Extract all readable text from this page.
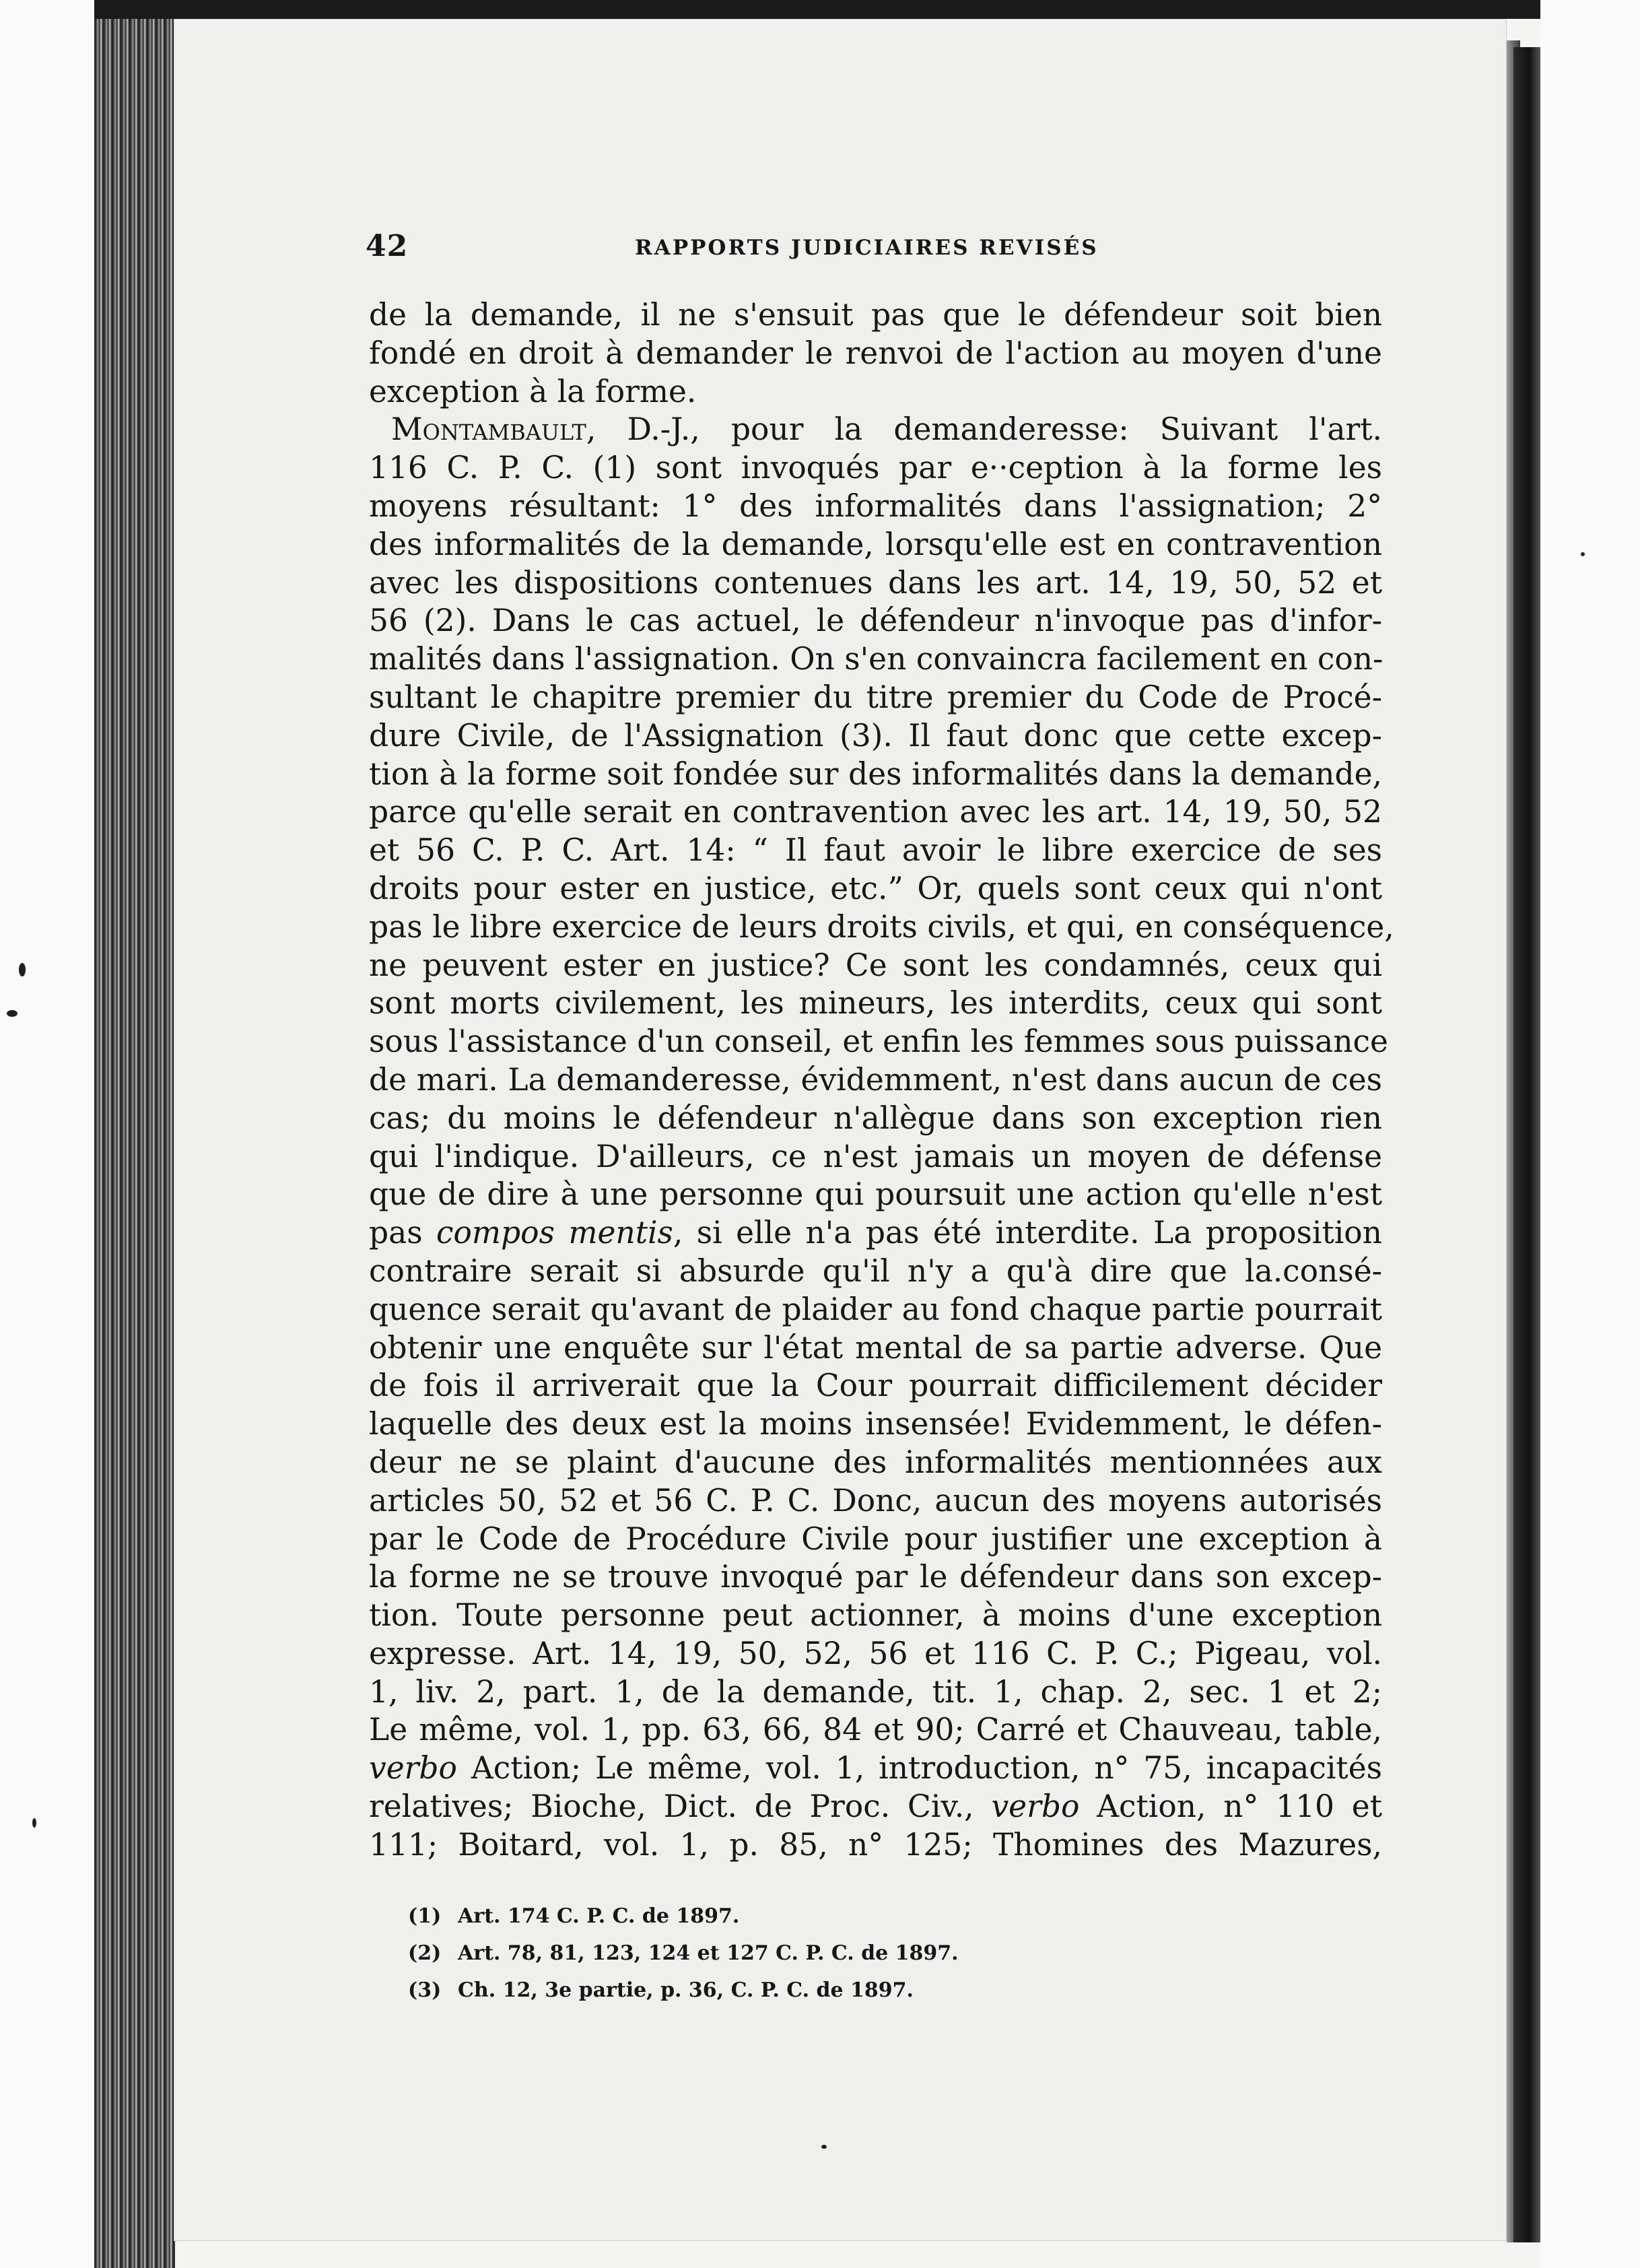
42	RAPPORTS JUDICIAIRES REVISÉS
de la demande, il ne s'ensuit pas que le défendeur soit bien
fondé en droit à demander le renvoi de l'action au moyen d'une
exception à la forme.
Montambault, D.-J., pour la demanderesse: Suivant l'art.
116 C. P. C. (1) sont invoqués par e··ception à la forme les
moyens résultant: 1° des informalités dans l'assignation; 2°
des informalités de la demande, lorsqu'elle est en contravention
avec les dispositions contenues dans les art. 14, 19, 50, 52 et
56 (2). Dans le cas actuel, le défendeur n'invoque pas d'infor-
malités dans l'assignation. On s'en convaincra facilement en con-
sultant le chapitre premier du titre premier du Code de Procé-
dure Civile, de l'Assignation (3). Il faut donc que cette excep-
tion à la forme soit fondée sur des informalités dans la demande,
parce qu'elle serait en contravention avec les art. 14, 19, 50, 52
et 56 C. P. C. Art. 14: “ Il faut avoir le libre exercice de ses
droits pour ester en justice, etc.” Or, quels sont ceux qui n'ont
pas le libre exercice de leurs droits civils, et qui, en conséquence,
ne peuvent ester en justice? Ce sont les condamnés, ceux qui
sont morts civilement, les mineurs, les interdits, ceux qui sont
sous l'assistance d'un conseil, et enfin les femmes sous puissance
de mari. La demanderesse, évidemment, n'est dans aucun de ces
cas; du moins le défendeur n'allègue dans son exception rien
qui l'indique. D'ailleurs, ce n'est jamais un moyen de défense
que de dire à une personne qui poursuit une action qu'elle n'est
pas compos mentis, si elle n'a pas été interdite. La proposition
contraire serait si absurde qu'il n'y a qu'à dire que la.consé-
quence serait qu'avant de plaider au fond chaque partie pourrait
obtenir une enquête sur l'état mental de sa partie adverse. Que
de fois il arriverait que la Cour pourrait difficilement décider
laquelle des deux est la moins insensée! Evidemment, le défen-
deur ne se plaint d'aucune des informalités mentionnées aux
articles 50, 52 et 56 C. P. C. Donc, aucun des moyens autorisés
par le Code de Procédure Civile pour justifier une exception à
la forme ne se trouve invoqué par le défendeur dans son excep-
tion. Toute personne peut actionner, à moins d'une exception
expresse. Art. 14, 19, 50, 52, 56 et 116 C. P. C.; Pigeau, vol.
1, liv. 2, part. 1, de la demande, tit. 1, chap. 2, sec. 1 et 2;
Le même, vol. 1, pp. 63, 66, 84 et 90; Carré et Chauveau, table,
verbo Action; Le même, vol. 1, introduction, n° 75, incapacités
relatives; Bioche, Dict. de Proc. Civ., verbo Action, n° 110 et
111; Boitard, vol. 1, p. 85, n° 125; Thomines des Mazures,
(1) Art. 174 C. P. C. de 1897.
(2) Art. 78, 81, 123, 124 et 127 C. P. C. de 1897.
(3) Ch. 12, 3e partie, p. 36, C. P. C. de 1897.
